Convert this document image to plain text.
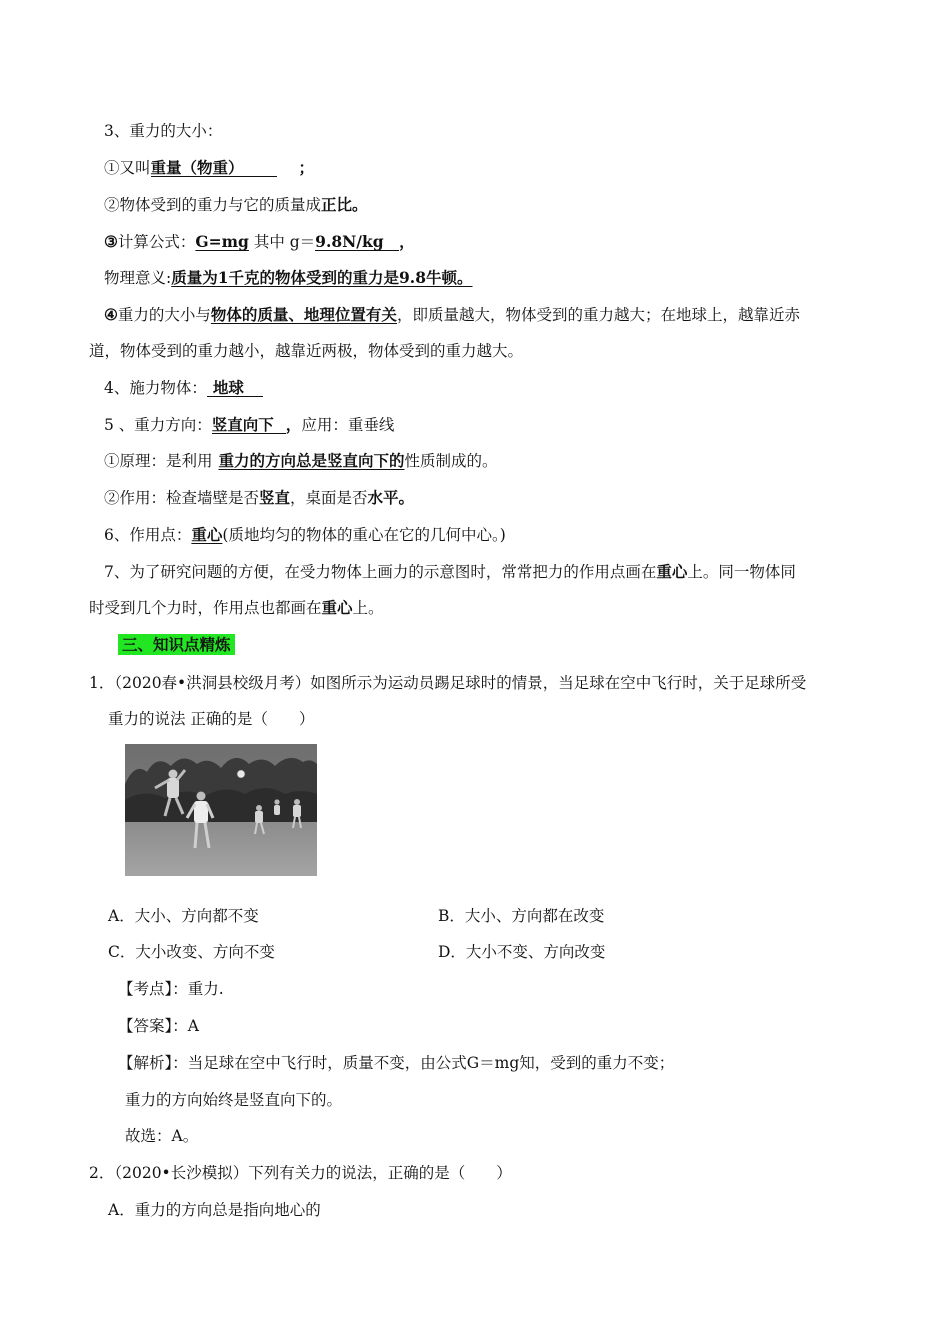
3、重力的大小：
①又叫重量（物重）	；
②物体受到的重力与它的质量成正比。
③计算公式：G=mg 其中 g＝9.8N/kg，
物理意义:质量为1千克的物体受到的重力是9.8牛顿。
④重力的大小与物体的质量、地理位置有关，即质量越大，物体受到的重力越大；在地球上，越靠近赤
道，物体受到的重力越小，越靠近两极，物体受到的重力越大。
4、施力物体： 地球
5 、重力方向：竖直向下 ，应用：重垂线
①原理：是利用 重力的方向总是竖直向下的性质制成的。
②作用：检查墙壁是否竖直，桌面是否水平。
6、作用点：重心(质地均匀的物体的重心在它的几何中心。)
7、为了研究问题的方便，在受力物体上画力的示意图时，常常把力的作用点画在重心上。同一物体同
时受到几个力时，作用点也都画在重心上。
三、知识点精炼
1．（2020春•洪洞县校级月考）如图所示为运动员踢足球时的情景，当足球在空中飞行时，关于足球所受
重力的说法 正确的是（　　）
A．大小、方向都不变	B．大小、方向都在改变
C．大小改变、方向不变	D．大小不变、方向改变
【考点】：重力.
【答案】：A
【解析】：当足球在空中飞行时，质量不变，由公式G＝mg知，受到的重力不变；
重力的方向始终是竖直向下的。
故选：A。
2．（2020•长沙模拟）下列有关力的说法，正确的是（　　）
A．重力的方向总是指向地心的
